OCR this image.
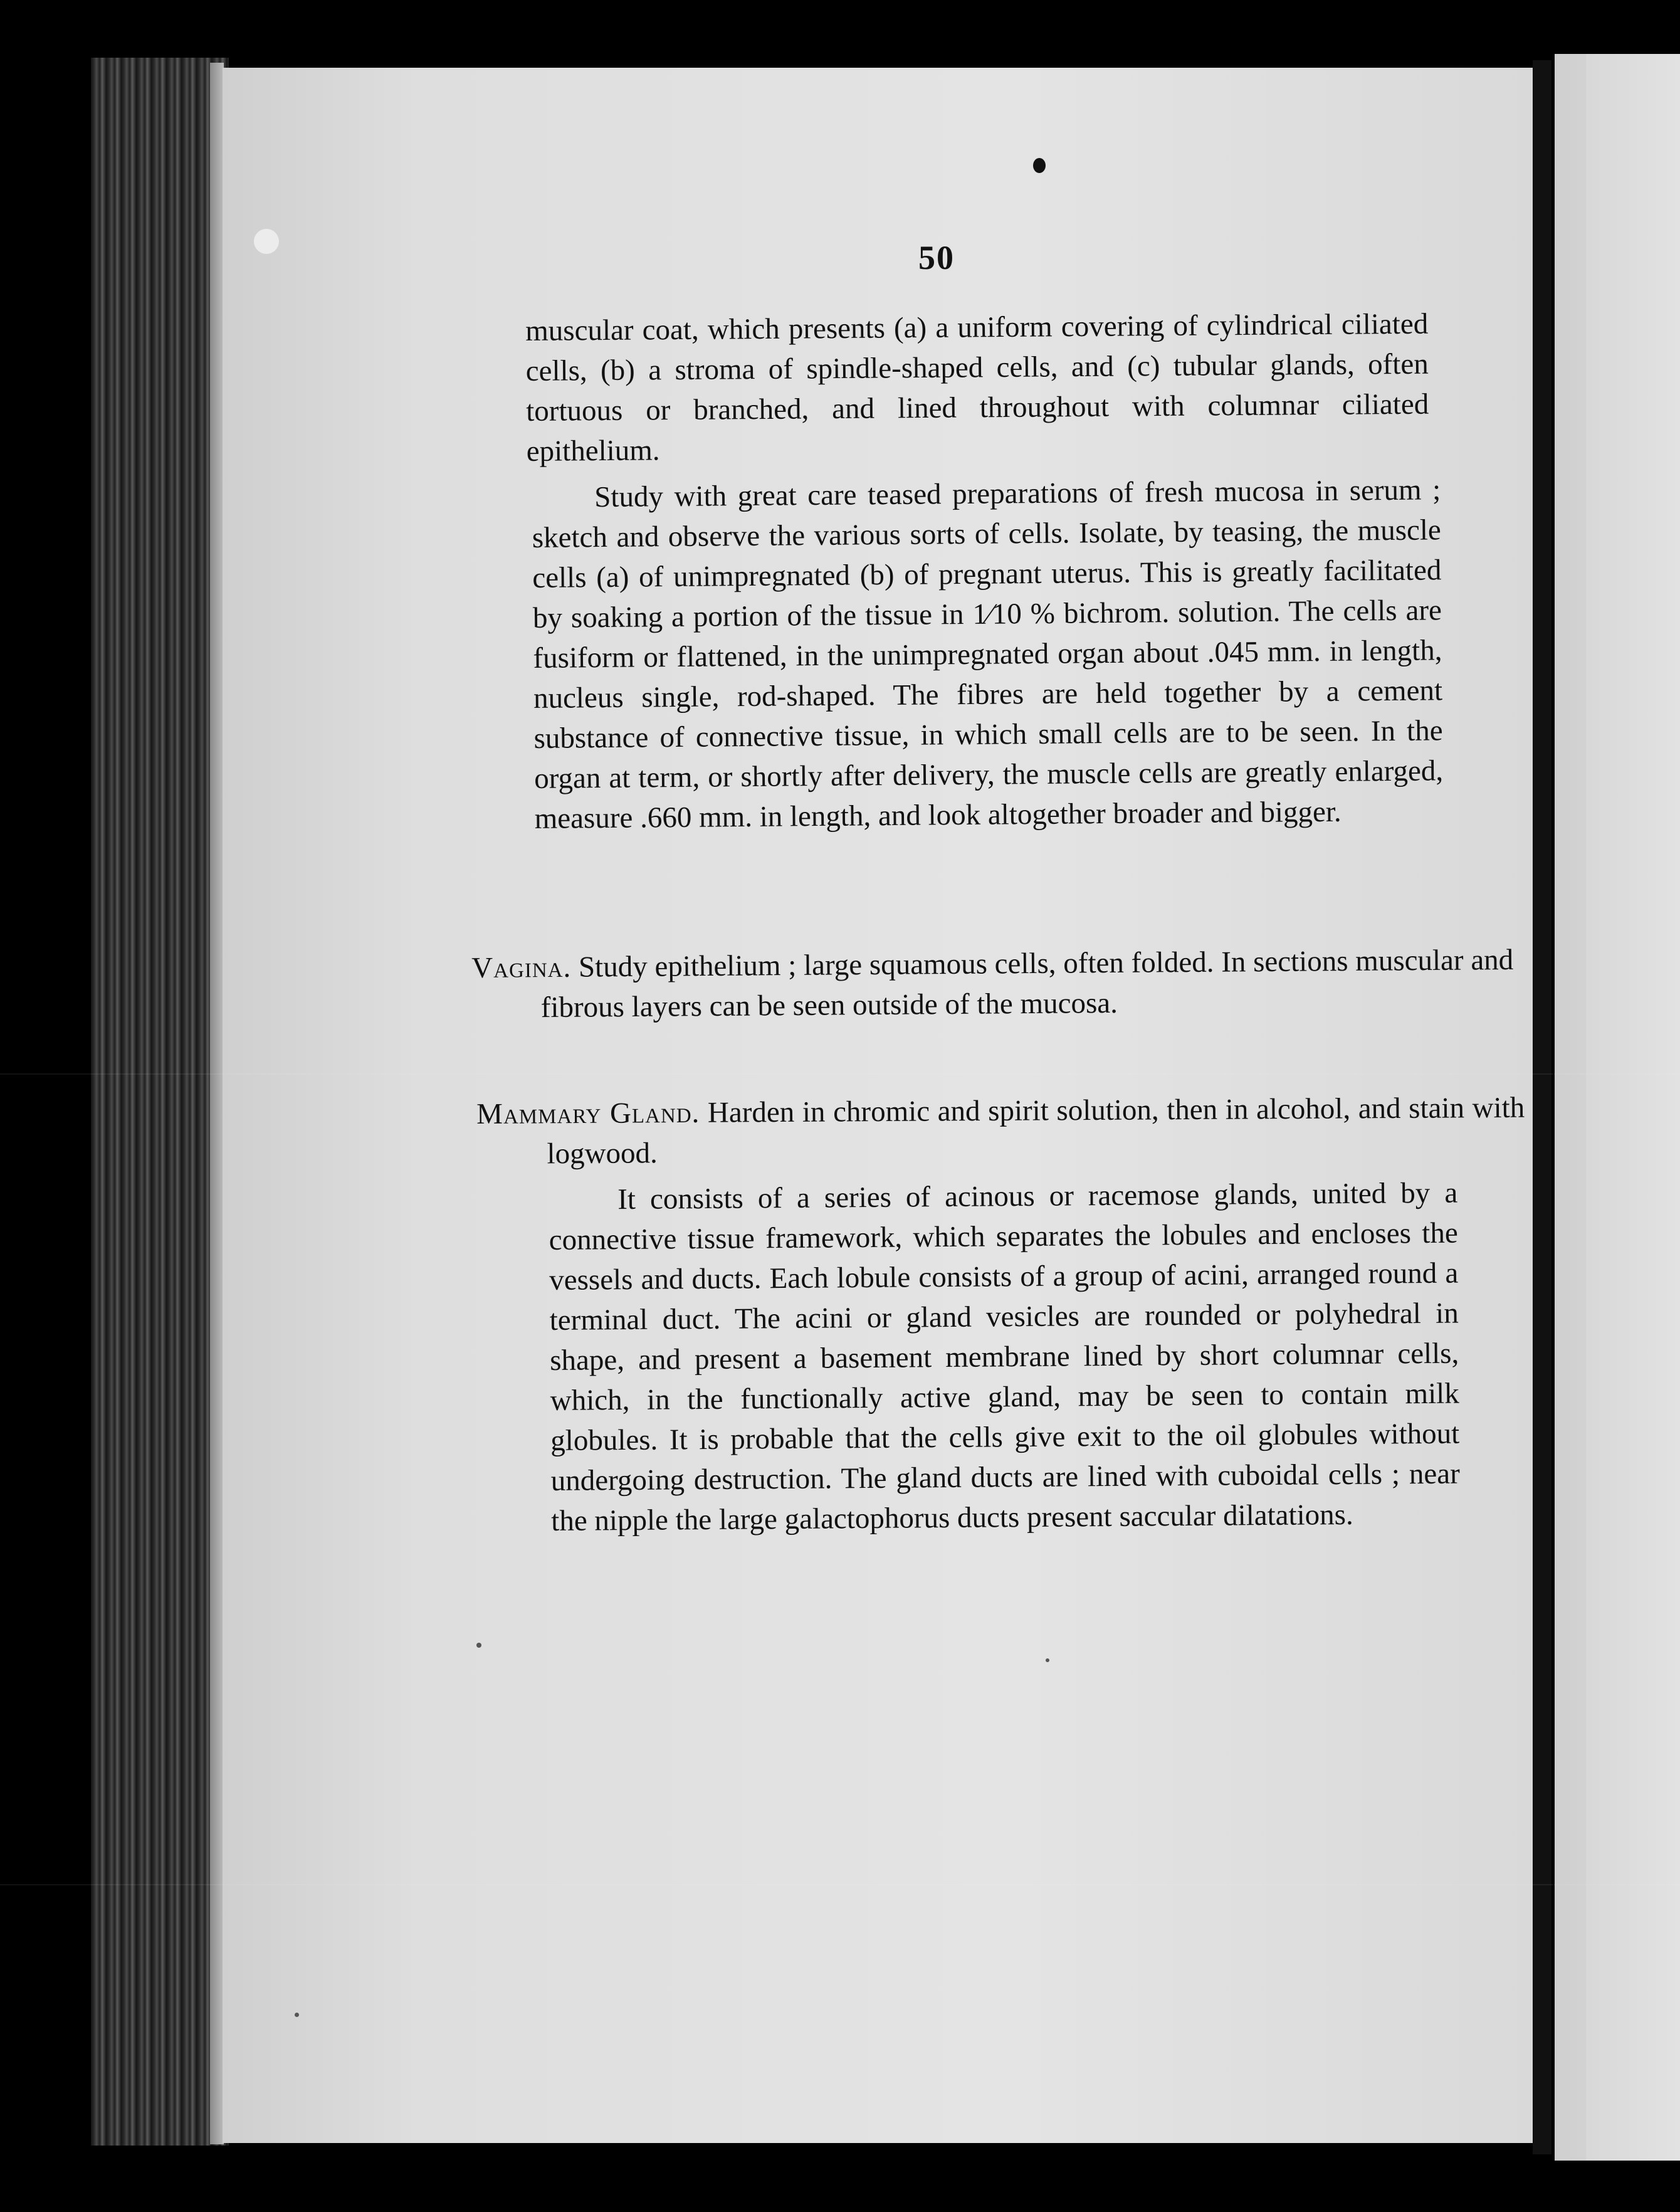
50
muscular coat, which presents (a) a uniform covering of cylindrical ciliated cells, (b) a stroma of spindle-shaped cells, and (c) tubular glands, often tortuous or branched, and lined throughout with columnar ciliated epithelium.
Study with great care teased preparations of fresh mucosa in serum ; sketch and observe the various sorts of cells. Isolate, by teasing, the muscle cells (a) of unimpregnated (b) of pregnant uterus. This is greatly facilitated by soaking a portion of the tissue in 1⁄10 % bichrom. solution. The cells are fusiform or flattened, in the unimpregnated organ about .045 mm. in length, nucleus single, rod-shaped. The fibres are held together by a cement substance of connective tissue, in which small cells are to be seen. In the organ at term, or shortly after delivery, the muscle cells are greatly enlarged, measure .660 mm. in length, and look altogether broader and bigger.
Vagina. Study epithelium ; large squamous cells, often folded. In sections muscular and fibrous layers can be seen outside of the mucosa.
Mammary Gland. Harden in chromic and spirit solution, then in alcohol, and stain with logwood.
It consists of a series of acinous or racemose glands, united by a connective tissue framework, which separates the lobules and encloses the vessels and ducts. Each lobule consists of a group of acini, arranged round a terminal duct. The acini or gland vesicles are rounded or polyhedral in shape, and present a basement membrane lined by short columnar cells, which, in the functionally active gland, may be seen to contain milk globules. It is probable that the cells give exit to the oil globules without undergoing destruction. The gland ducts are lined with cuboidal cells ; near the nipple the large galactophorus ducts present saccular dilatations.
